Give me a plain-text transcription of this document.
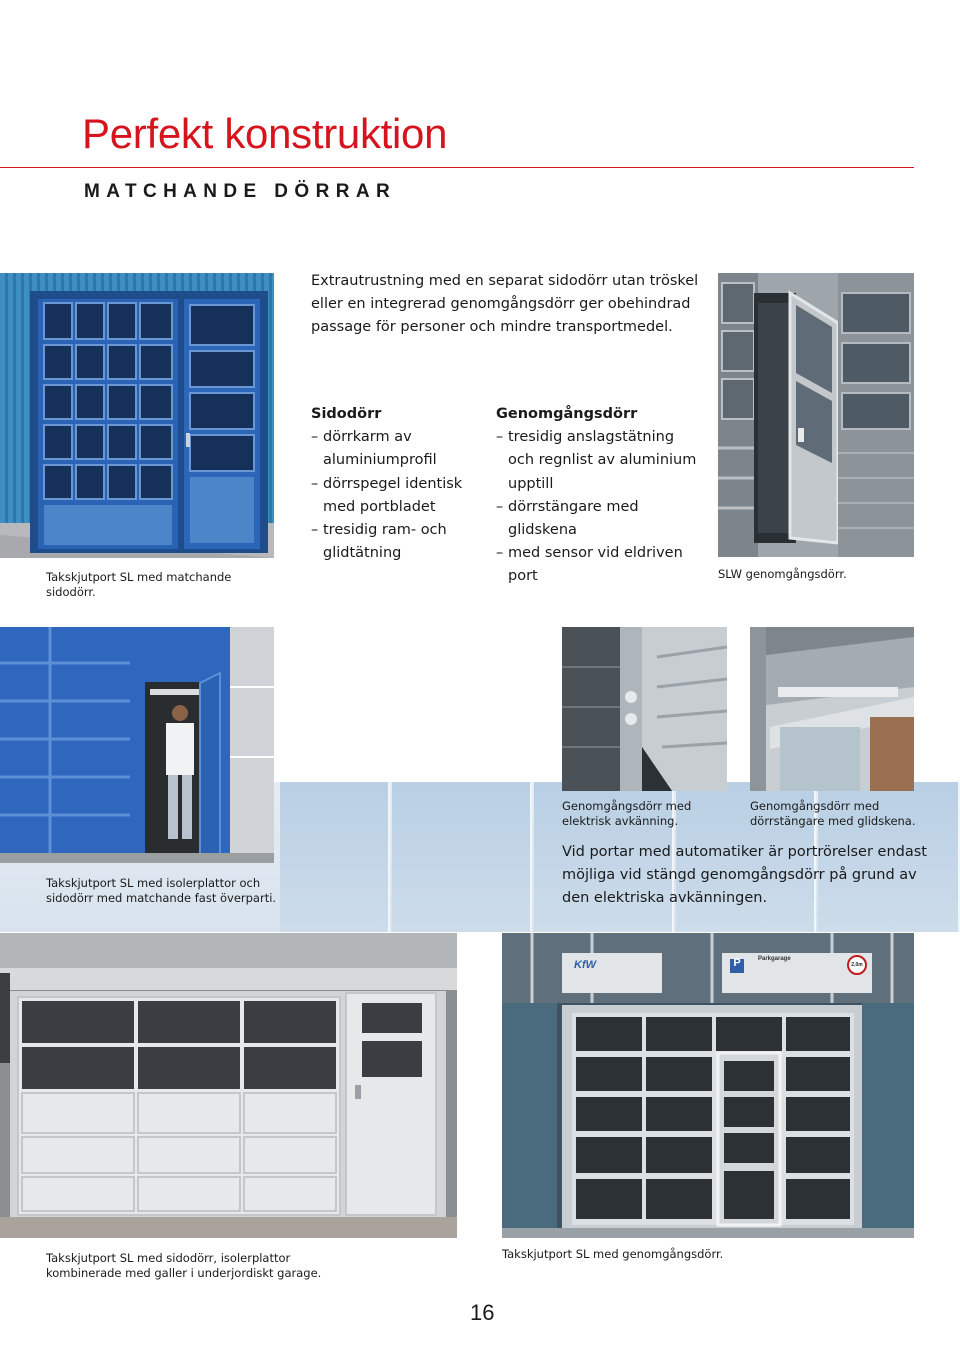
Perfekt konstruktion
MATCHANDE DÖRRAR
Takskjutport SL med matchande
sidodörr.
Extrautrustning med en separat sidodörr utan tröskel eller en integrerad genomgångsdörr ger obehindrad passage för personer och mindre transportmedel.
Sidodörr
– dörrkarm av
aluminiumprofil
– dörrspegel identisk
med portbladet
– tresidig ram- och
glidtätning
Genomgångsdörr
– tresidig anslagstätning
och regnlist av aluminium
upptill
– dörrstängare med glidskena
– med sensor vid eldriven
port	SLW genomgångsdörr.
Takskjutport SL med isolerplattor och
sidodörr med matchande fast överparti.
Genomgångsdörr med
elektrisk avkänning.
Genomgångsdörr med
dörrstängare med glidskena.
Vid portar med automatiker är portrörelser endast möjliga vid stängd genomgångsdörr på grund av den elektriska avkänningen.
Takskjutport SL med sidodörr, isolerplattor
kombinerade med galler i underjordiskt garage.
KfW	P	Parkgarage
2,0m
Takskjutport SL med genomgångsdörr.
16
